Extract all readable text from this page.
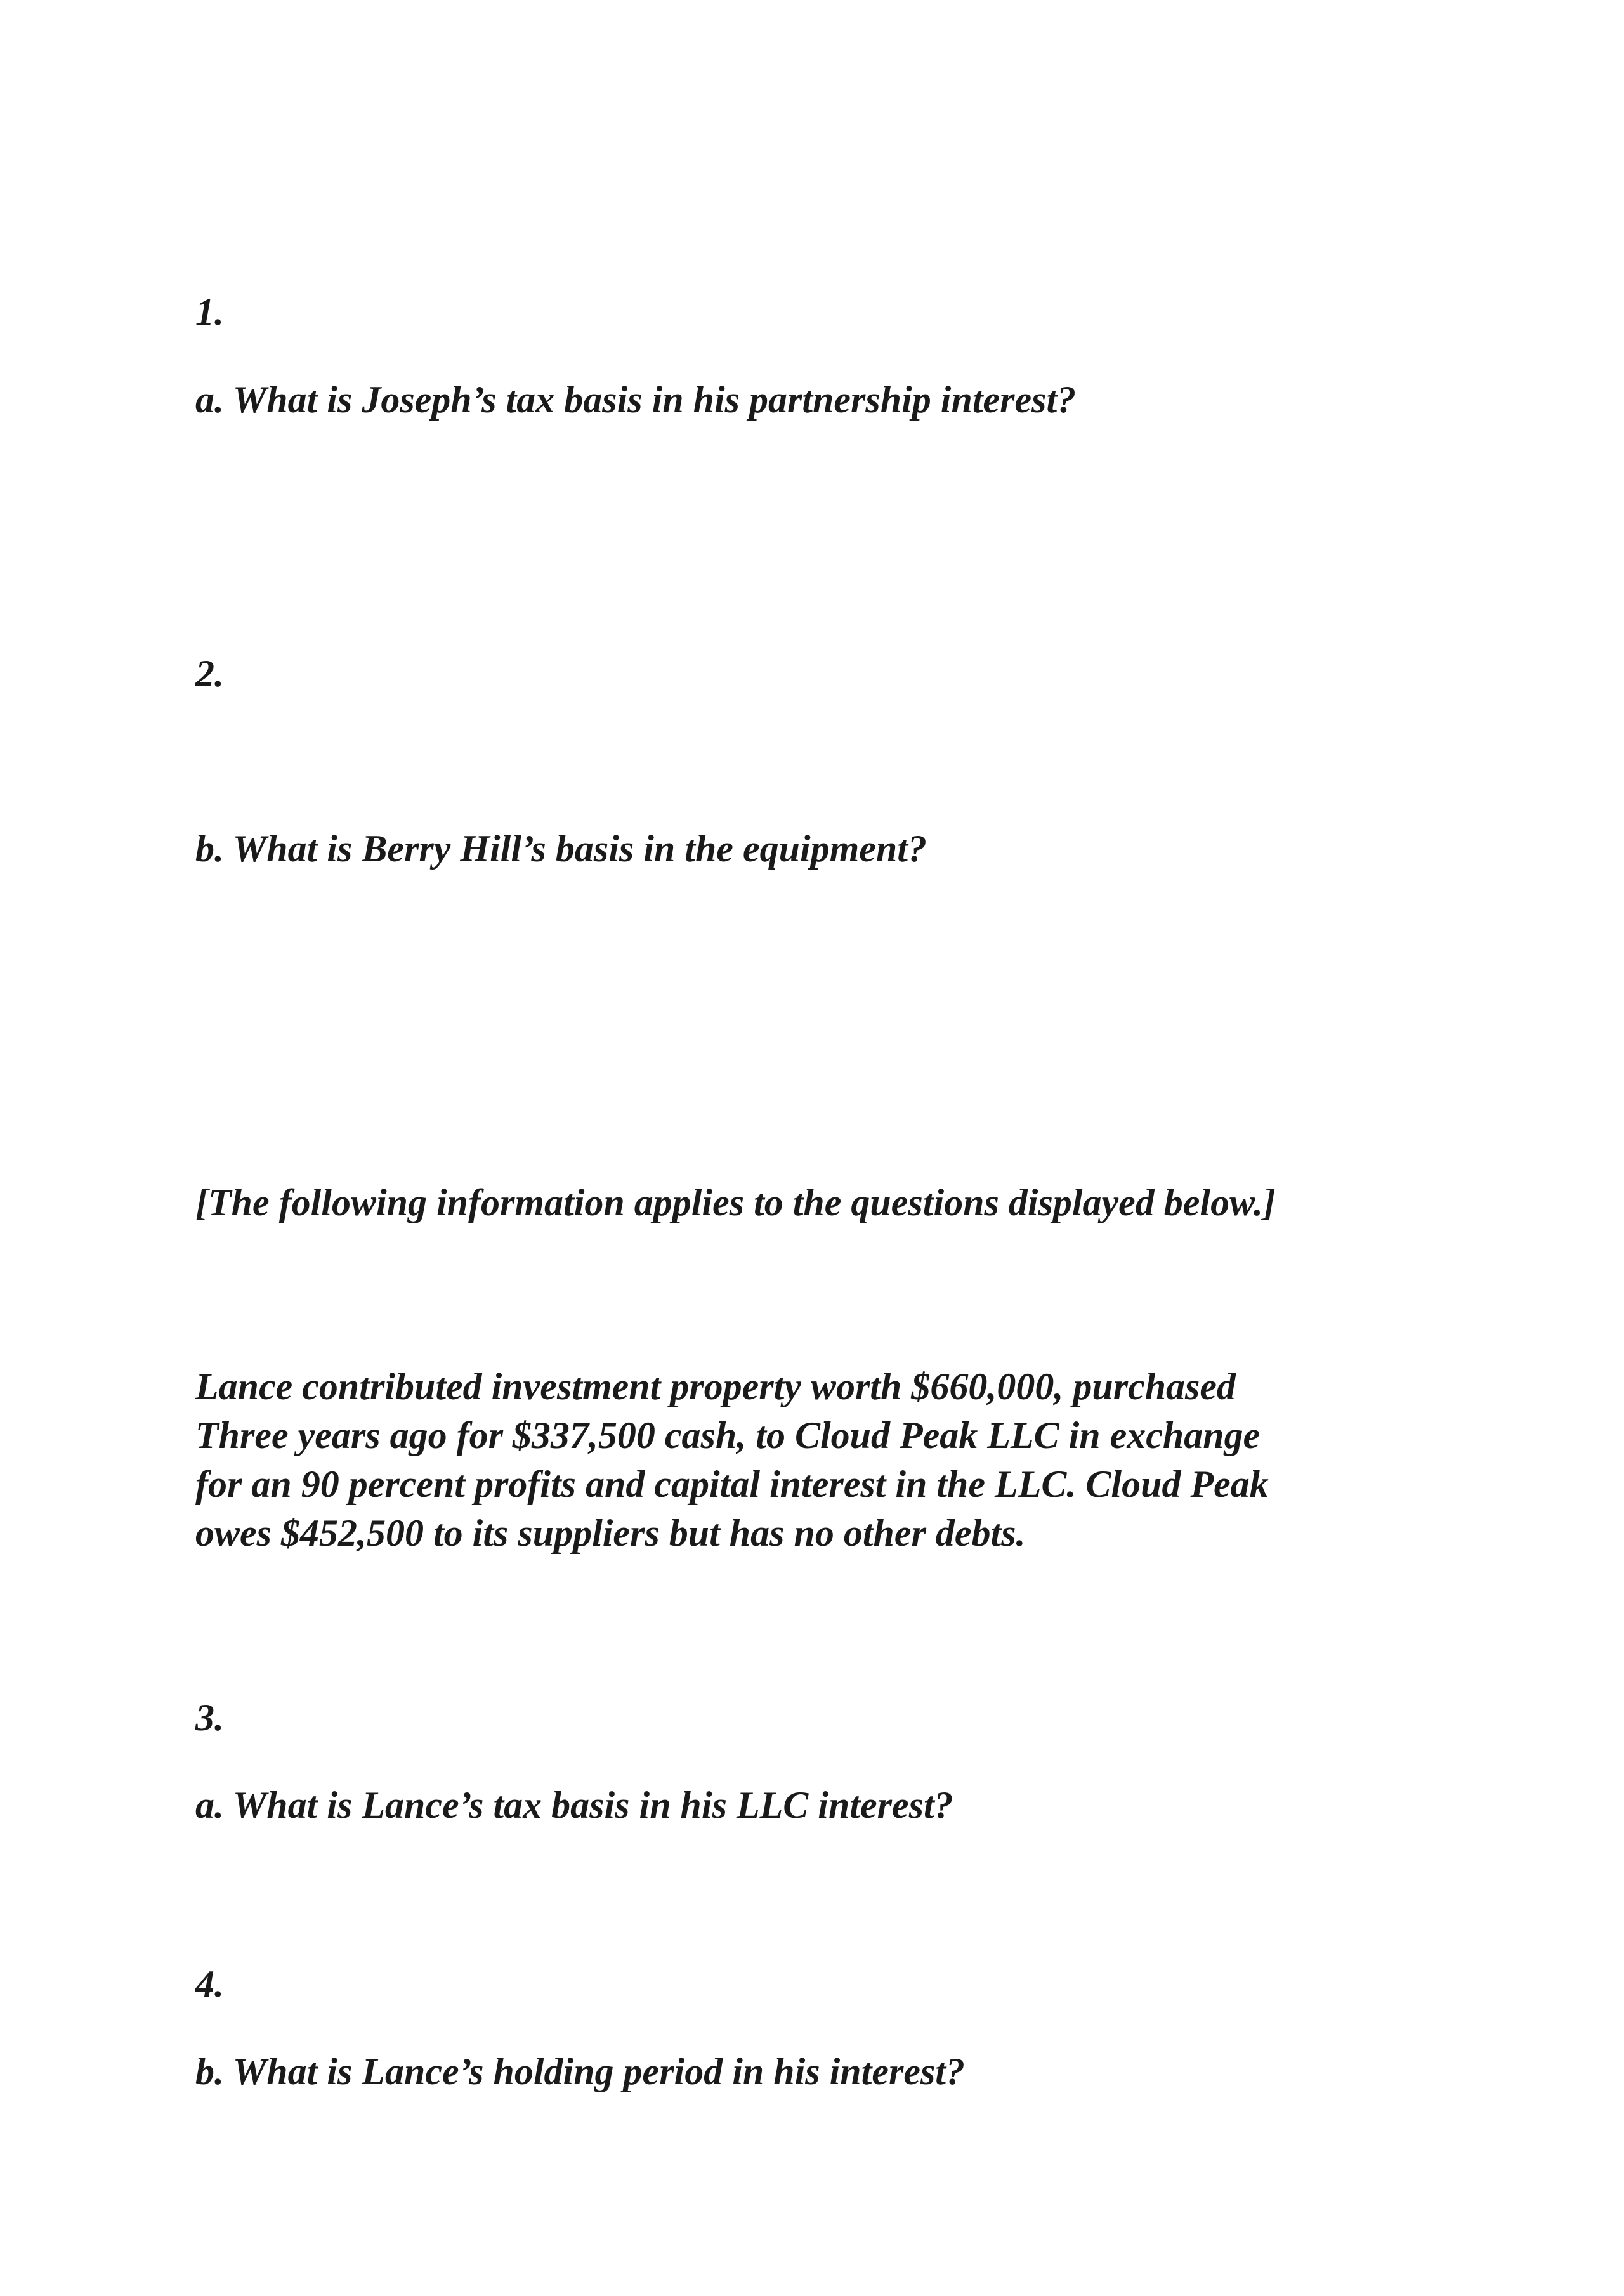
1.
a. What is Joseph’s tax basis in his partnership interest?
2.
b. What is Berry Hill’s basis in the equipment?
[The following information applies to the questions displayed below.]
Lance contributed investment property worth $660,000, purchased
Three years ago for $337,500 cash, to Cloud Peak LLC in exchange
for an 90 percent profits and capital interest in the LLC. Cloud Peak
owes $452,500 to its suppliers but has no other debts.
3.
a. What is Lance’s tax basis in his LLC interest?
4.
b. What is Lance’s holding period in his interest?
